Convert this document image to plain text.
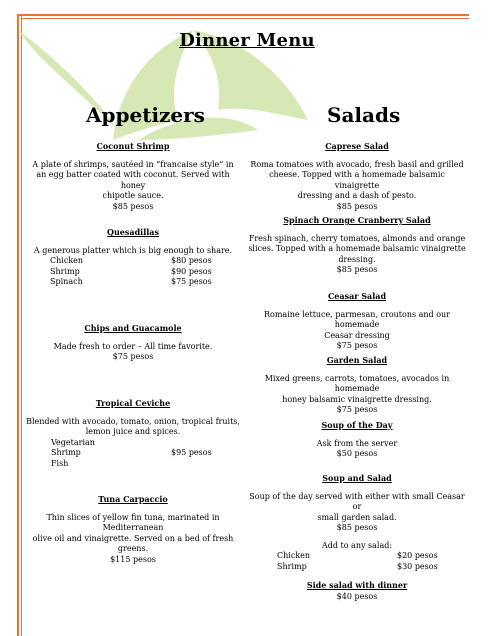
Dinner Menu
Appetizers	Salads
Coconut Shrimp
A plate of shrimps, sautéed in “francaise style” in
an egg batter coated with coconut. Served with honey
chipotle sauce.
$85 pesos
Quesadillas
A generous platter which is big enough to share.
Chicken	$80 pesos
Shrimp	$90 pesos
Spinach	$75 pesos
Chips and Guacamole
Made fresh to order – All time favorite.
$75 pesos
Tropical Ceviche
Blended with avocado, tomato, onion, tropical fruits,
lemon juice and spices.
Vegetarian
Shrimp	$95 pesos
Fish
Tuna Carpaccio
Thin slices of yellow fin tuna, marinated in Mediterranean
olive oil and vinaigrette. Served on a bed of fresh greens.
$115 pesos
Caprese Salad
Roma tomatoes with avocado, fresh basil and grilled
cheese. Topped with a homemade balsamic vinaigrette
dressing and a dash of pesto.
$85 pesos
Spinach Orange Cranberry Salad
Fresh spinach, cherry tomatoes, almonds and orange
slices. Topped with a homemade balsamic vinaigrette
dressing.
$85 pesos
Ceasar Salad
Romaine lettuce, parmesan, croutons and our homemade
Ceasar dressing
$75 pesos
Garden Salad
Mixed greens, carrots, tomatoes, avocados in homemade
honey balsamic vinaigrette dressing.
$75 pesos
Soup of the Day
Ask from the server
$50 pesos
Soup and Salad
Soup of the day served with either with small Ceasar or
small garden salad.
$85 pesos
Add to any salad:
Chicken	$20 pesos
Shrimp	$30 pesos
Side salad with dinner
$40 pesos
